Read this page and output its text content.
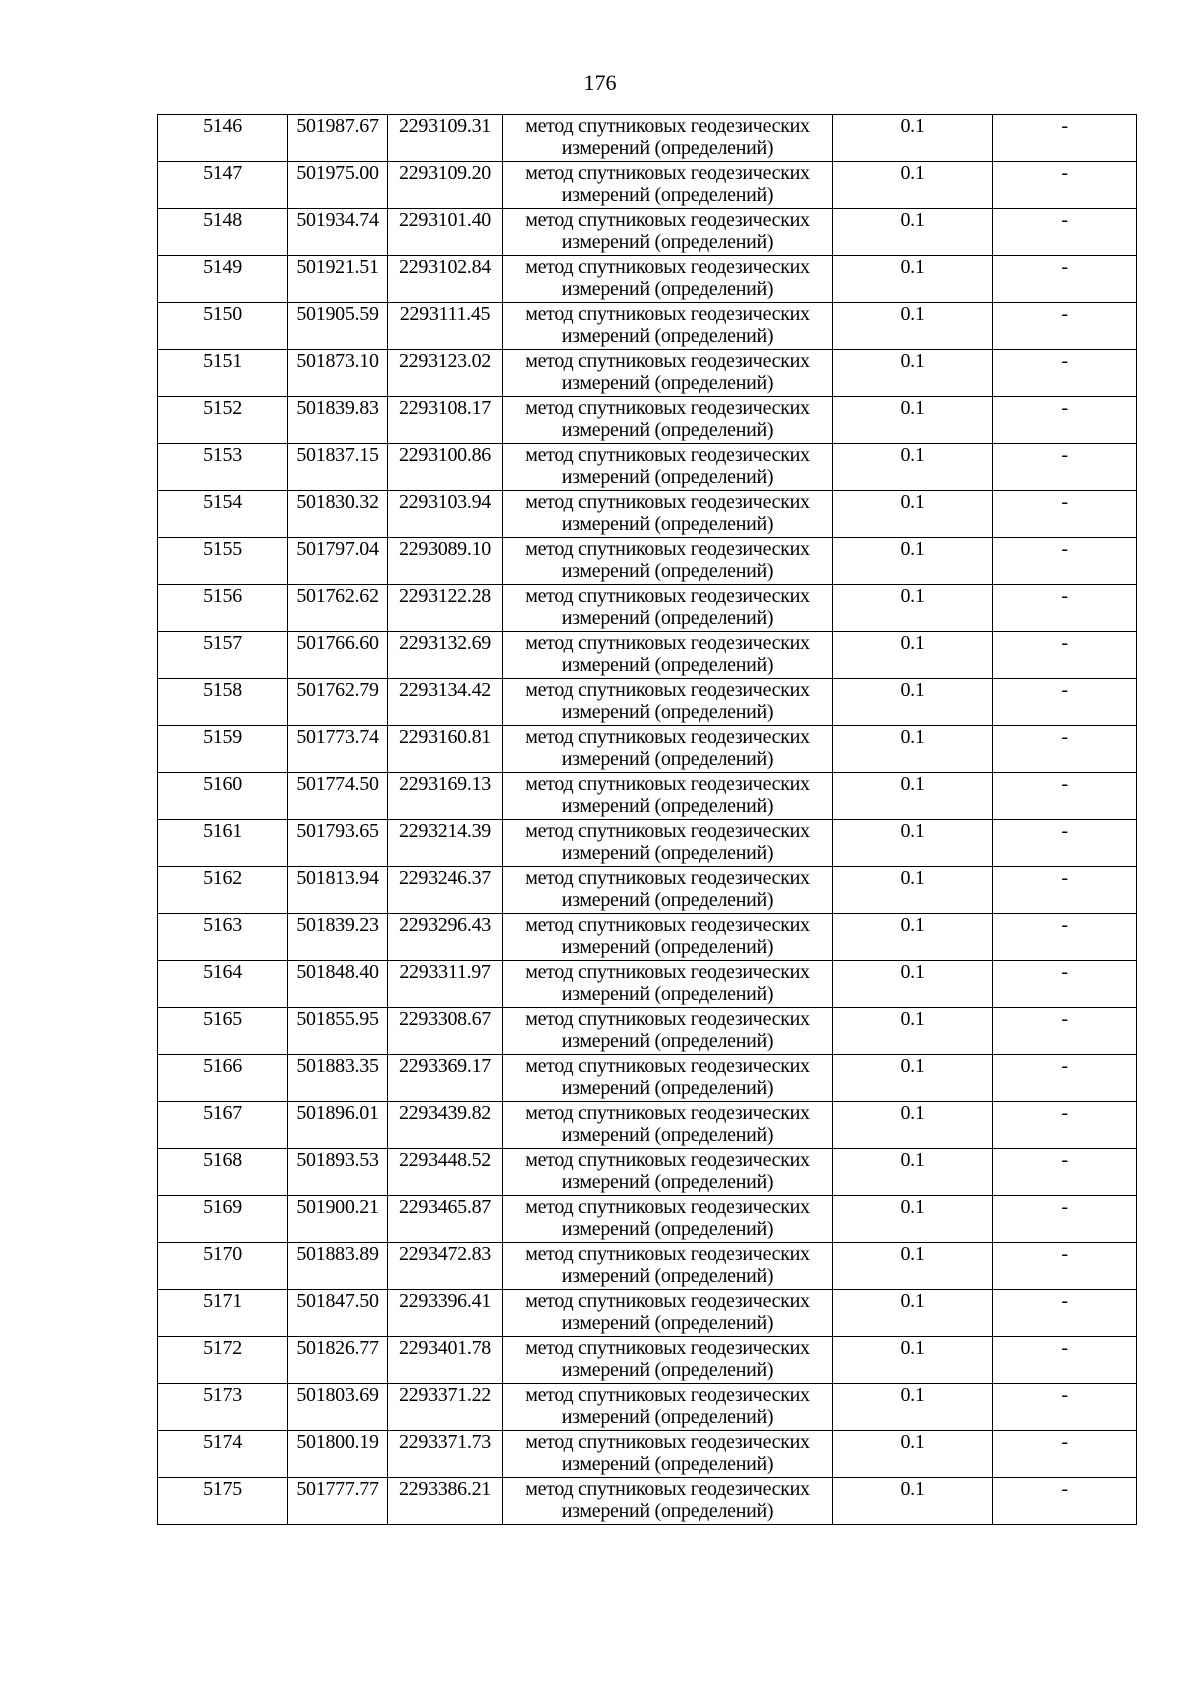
176
5146	501987.67	2293109.31	метод спутниковых геодезических измерений (определений)	0.1	-
5147	501975.00	2293109.20	метод спутниковых геодезических измерений (определений)	0.1	-
5148	501934.74	2293101.40	метод спутниковых геодезических измерений (определений)	0.1	-
5149	501921.51	2293102.84	метод спутниковых геодезических измерений (определений)	0.1	-
5150	501905.59	2293111.45	метод спутниковых геодезических измерений (определений)	0.1	-
5151	501873.10	2293123.02	метод спутниковых геодезических измерений (определений)	0.1	-
5152	501839.83	2293108.17	метод спутниковых геодезических измерений (определений)	0.1	-
5153	501837.15	2293100.86	метод спутниковых геодезических измерений (определений)	0.1	-
5154	501830.32	2293103.94	метод спутниковых геодезических измерений (определений)	0.1	-
5155	501797.04	2293089.10	метод спутниковых геодезических измерений (определений)	0.1	-
5156	501762.62	2293122.28	метод спутниковых геодезических измерений (определений)	0.1	-
5157	501766.60	2293132.69	метод спутниковых геодезических измерений (определений)	0.1	-
5158	501762.79	2293134.42	метод спутниковых геодезических измерений (определений)	0.1	-
5159	501773.74	2293160.81	метод спутниковых геодезических измерений (определений)	0.1	-
5160	501774.50	2293169.13	метод спутниковых геодезических измерений (определений)	0.1	-
5161	501793.65	2293214.39	метод спутниковых геодезических измерений (определений)	0.1	-
5162	501813.94	2293246.37	метод спутниковых геодезических измерений (определений)	0.1	-
5163	501839.23	2293296.43	метод спутниковых геодезических измерений (определений)	0.1	-
5164	501848.40	2293311.97	метод спутниковых геодезических измерений (определений)	0.1	-
5165	501855.95	2293308.67	метод спутниковых геодезических измерений (определений)	0.1	-
5166	501883.35	2293369.17	метод спутниковых геодезических измерений (определений)	0.1	-
5167	501896.01	2293439.82	метод спутниковых геодезических измерений (определений)	0.1	-
5168	501893.53	2293448.52	метод спутниковых геодезических измерений (определений)	0.1	-
5169	501900.21	2293465.87	метод спутниковых геодезических измерений (определений)	0.1	-
5170	501883.89	2293472.83	метод спутниковых геодезических измерений (определений)	0.1	-
5171	501847.50	2293396.41	метод спутниковых геодезических измерений (определений)	0.1	-
5172	501826.77	2293401.78	метод спутниковых геодезических измерений (определений)	0.1	-
5173	501803.69	2293371.22	метод спутниковых геодезических измерений (определений)	0.1	-
5174	501800.19	2293371.73	метод спутниковых геодезических измерений (определений)	0.1	-
5175	501777.77	2293386.21	метод спутниковых геодезических измерений (определений)	0.1	-
